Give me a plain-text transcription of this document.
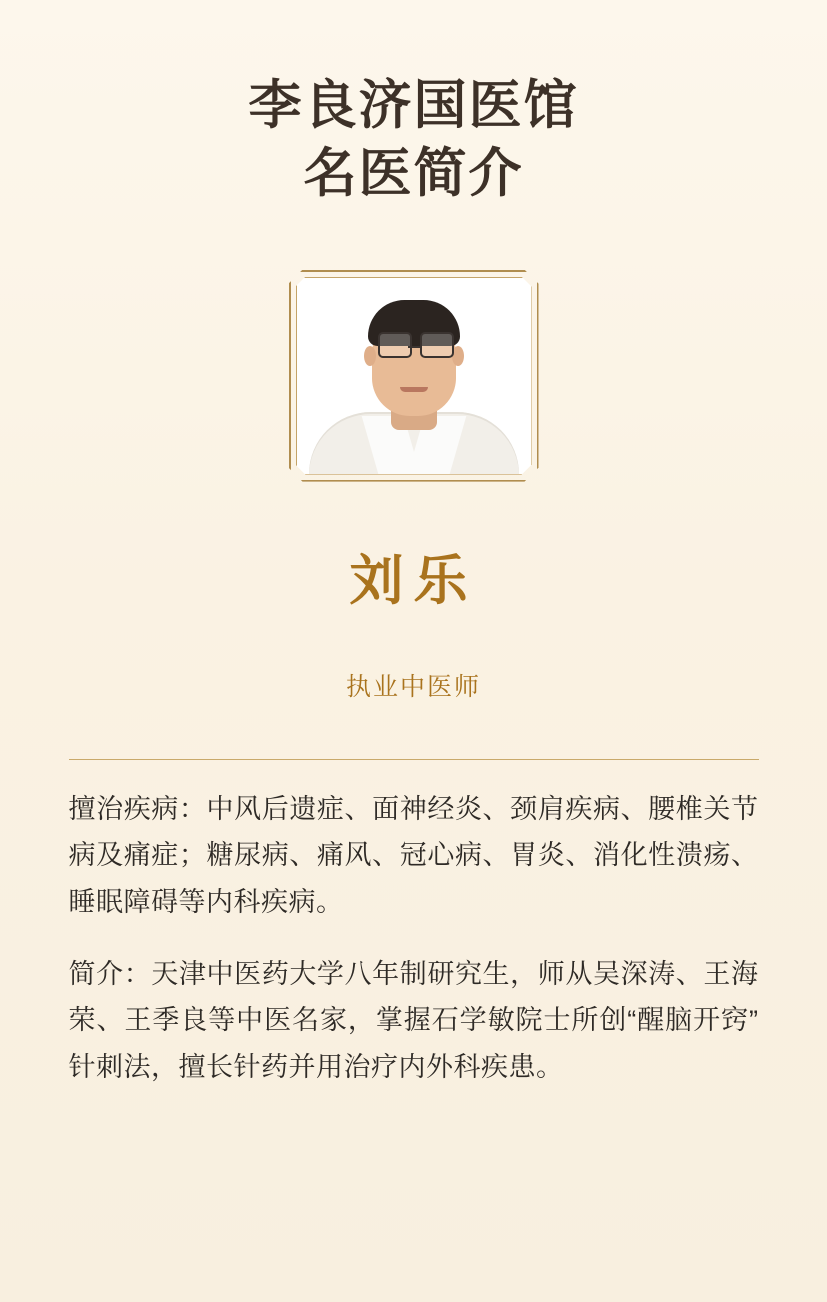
李良济国医馆
名医简介
刘乐
执业中医师
擅治疾病：中风后遗症、面神经炎、颈肩疾病、腰椎关节病及痛症；糖尿病、痛风、冠心病、胃炎、消化性溃疡、睡眠障碍等内科疾病。
简介：天津中医药大学八年制研究生，师从吴深涛、王海荣、王季良等中医名家，掌握石学敏院士所创“醒脑开窍”针刺法，擅长针药并用治疗内外科疾患。
